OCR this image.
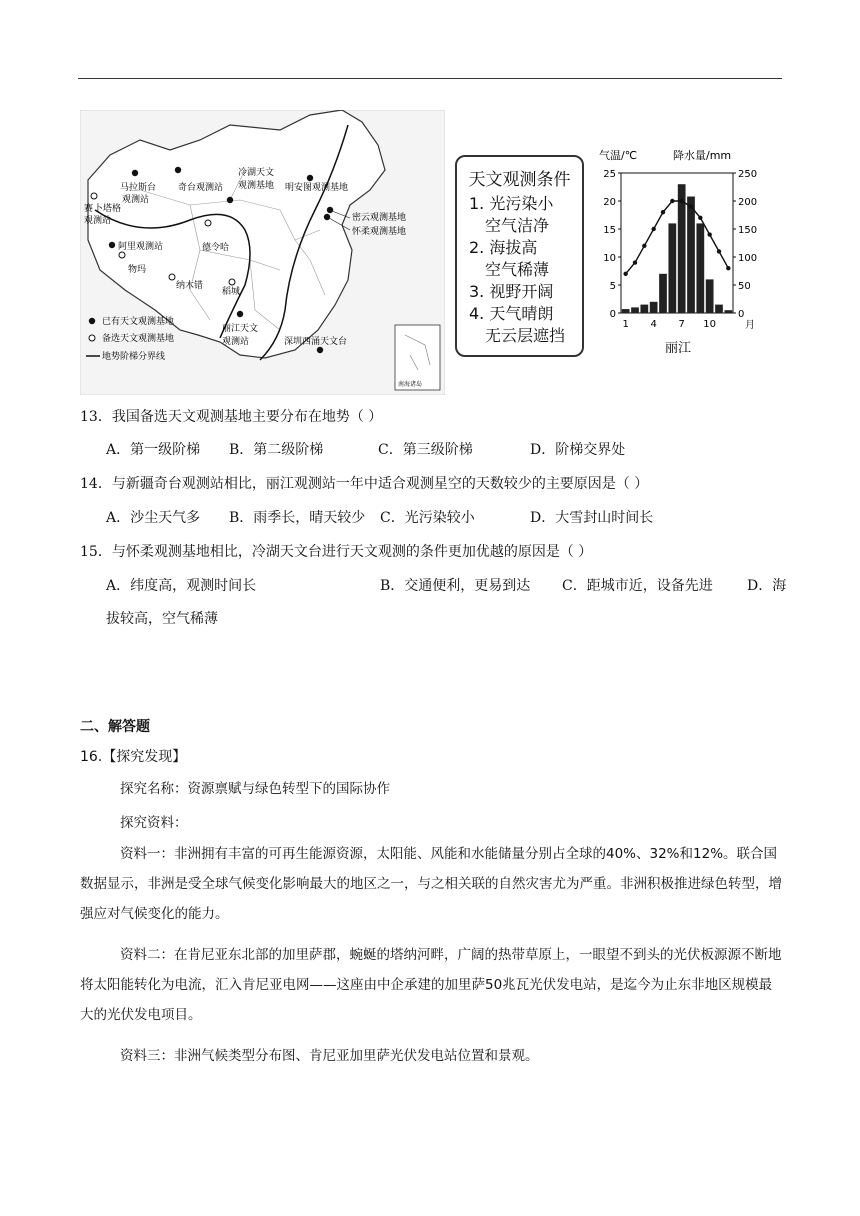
南海诸岛
马拉斯台
观测站
奇台观测站
冷湖天文
观测基地 明安图观测基地
赛 卜塔格
观测站	密云观测基地
怀柔观测基地
阿里观测站	德令哈
物玛
纳木错
稻城
丽江天文
观测站	深圳西涌天文台
已有天文观测基地
备选天文观测基地
地势阶梯分界线
天文观测条件
1. 光污染小
空气洁净
2. 海拔高
空气稀薄
3. 视野开阔
4. 天气晴朗
无云层遮挡
气温/℃	降水量/mm
25
20
15
10
5
0
250
200
150
100
50
0
1 4 7 10	月
丽江
13．我国备选天文观测基地主要分布在地势（ ）
A．第一级阶梯 B．第二级阶梯	C．第三级阶梯	D．阶梯交界处
14．与新疆奇台观测站相比，丽江观测站一年中适合观测星空的天数较少的主要原因是（ ）
A．沙尘天气多 B．雨季长，晴天较少 C．光污染较小	D．大雪封山时间长
15．与怀柔观测基地相比，冷湖天文台进行天文观测的条件更加优越的原因是（ ）
A．纬度高，观测时间长	B．交通便利，更易到达 C．距城市近，设备先进 D．海
拔较高，空气稀薄
二、解答题
16.【探究发现】
探究名称：资源禀赋与绿色转型下的国际协作
探究资料：
资料一：非洲拥有丰富的可再生能源资源，太阳能、风能和水能储量分别占全球的40%、32%和12%。联合国数据显示，非洲是受全球气候变化影响最大的地区之一，与之相关联的自然灾害尤为严重。非洲积极推进绿色转型，增强应对气候变化的能力。
资料二：在肯尼亚东北部的加里萨郡，蜿蜒的塔纳河畔，广阔的热带草原上，一眼望不到头的光伏板源源不断地将太阳能转化为电流，汇入肯尼亚电网——这座由中企承建的加里萨50兆瓦光伏发电站，是迄今为止东非地区规模最大的光伏发电项目。
资料三：非洲气候类型分布图、肯尼亚加里萨光伏发电站位置和景观。
